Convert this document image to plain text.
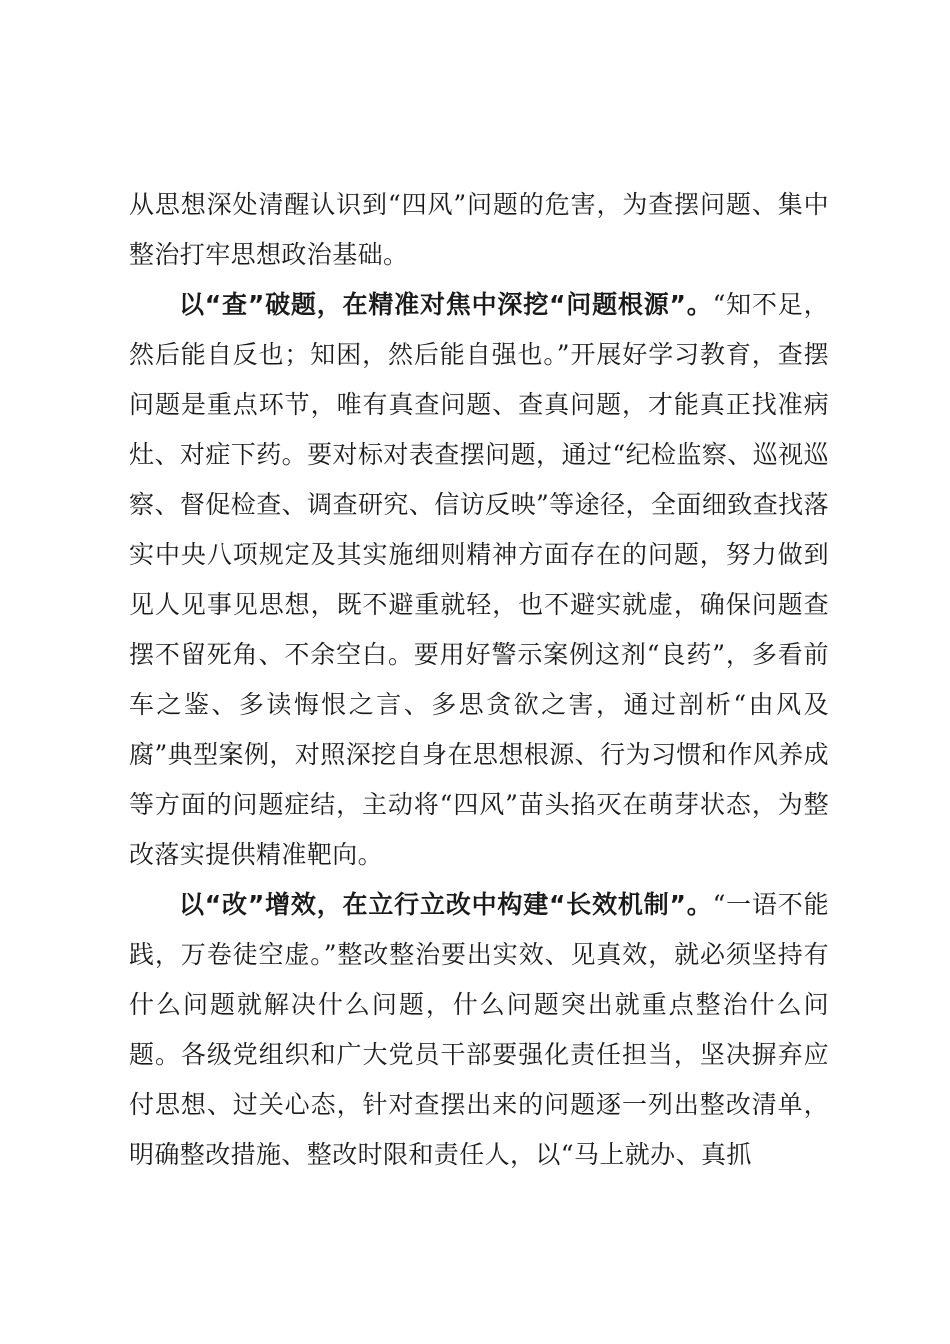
从思想深处清醒认识到“四风”问题的危害，为查摆问题、集中整治打牢思想政治基础。

以“查”破题，在精准对焦中深挖“问题根源”。“知不足，然后能自反也；知困，然后能自强也。”开展好学习教育，查摆问题是重点环节，唯有真查问题、查真问题，才能真正找准病灶、对症下药。要对标对表查摆问题，通过“纪检监察、巡视巡察、督促检查、调查研究、信访反映”等途径，全面细致查找落实中央八项规定及其实施细则精神方面存在的问题，努力做到见人见事见思想，既不避重就轻，也不避实就虚，确保问题查摆不留死角、不余空白。要用好警示案例这剂“良药”，多看前车之鉴、多读悔恨之言、多思贪欲之害，通过剖析“由风及腐”典型案例，对照深挖自身在思想根源、行为习惯和作风养成等方面的问题症结，主动将“四风”苗头掐灭在萌芽状态，为整改落实提供精准靶向。

以“改”增效，在立行立改中构建“长效机制”。“一语不能践，万卷徒空虚。”整改整治要出实效、见真效，就必须坚持有什么问题就解决什么问题，什么问题突出就重点整治什么问题。各级党组织和广大党员干部要强化责任担当，坚决摒弃应付思想、过关心态，针对查摆出来的问题逐一列出整改清单，明确整改措施、整改时限和责任人，以“马上就办、真抓
